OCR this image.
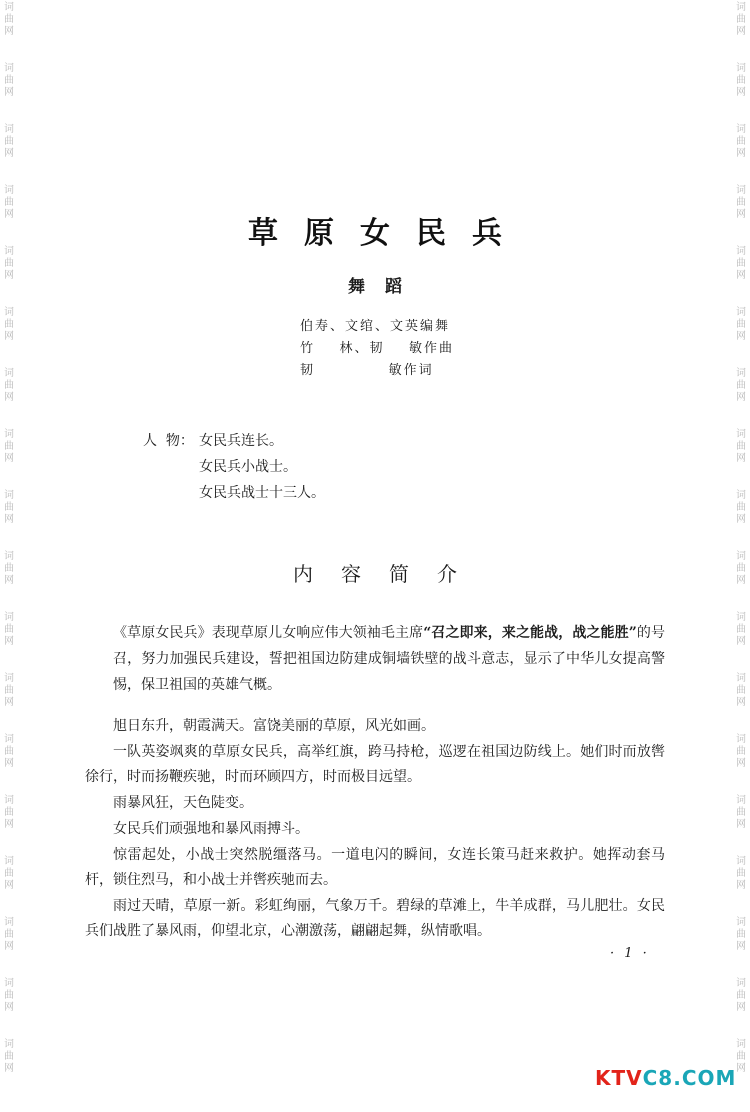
词曲网
词曲网
词曲网
词曲网
词曲网
词曲网
词曲网
词曲网
词曲网
词曲网
词曲网
词曲网
词曲网
词曲网
词曲网
词曲网
词曲网
词曲网
词曲网
词曲网
词曲网
词曲网
词曲网
词曲网
词曲网
词曲网
词曲网
词曲网
词曲网
词曲网
词曲网
词曲网
词曲网
词曲网
词曲网
词曲网
草原女民兵
舞蹈
伯寿、文绾、文英编舞
竹    林、韧    敏作曲
韧            敏作词
人  物： 女民兵连长。
女民兵小战士。
女民兵战士十三人。
内容简介
《草原女民兵》表现草原儿女响应伟大领袖毛主席“召之即来，来之能战，战之能胜”的号召，努力加强民兵建设，誓把祖国边防建成铜墙铁壁的战斗意志，显示了中华儿女提高警惕，保卫祖国的英雄气概。

旭日东升，朝霞满天。富饶美丽的草原，风光如画。

一队英姿飒爽的草原女民兵，高举红旗，跨马持枪，巡逻在祖国边防线上。她们时而放辔徐行，时而扬鞭疾驰，时而环顾四方，时而极目远望。

雨暴风狂，天色陡变。

女民兵们顽强地和暴风雨搏斗。

惊雷起处，小战士突然脱缰落马。一道电闪的瞬间，女连长策马赶来救护。她挥动套马杆，锁住烈马，和小战士并辔疾驰而去。

雨过天晴，草原一新。彩虹绚丽，气象万千。碧绿的草滩上，牛羊成群，马儿肥壮。女民兵们战胜了暴风雨，仰望北京，心潮激荡，翩翩起舞，纵情歌唱。

· 1 ·
KTVC8.COM
